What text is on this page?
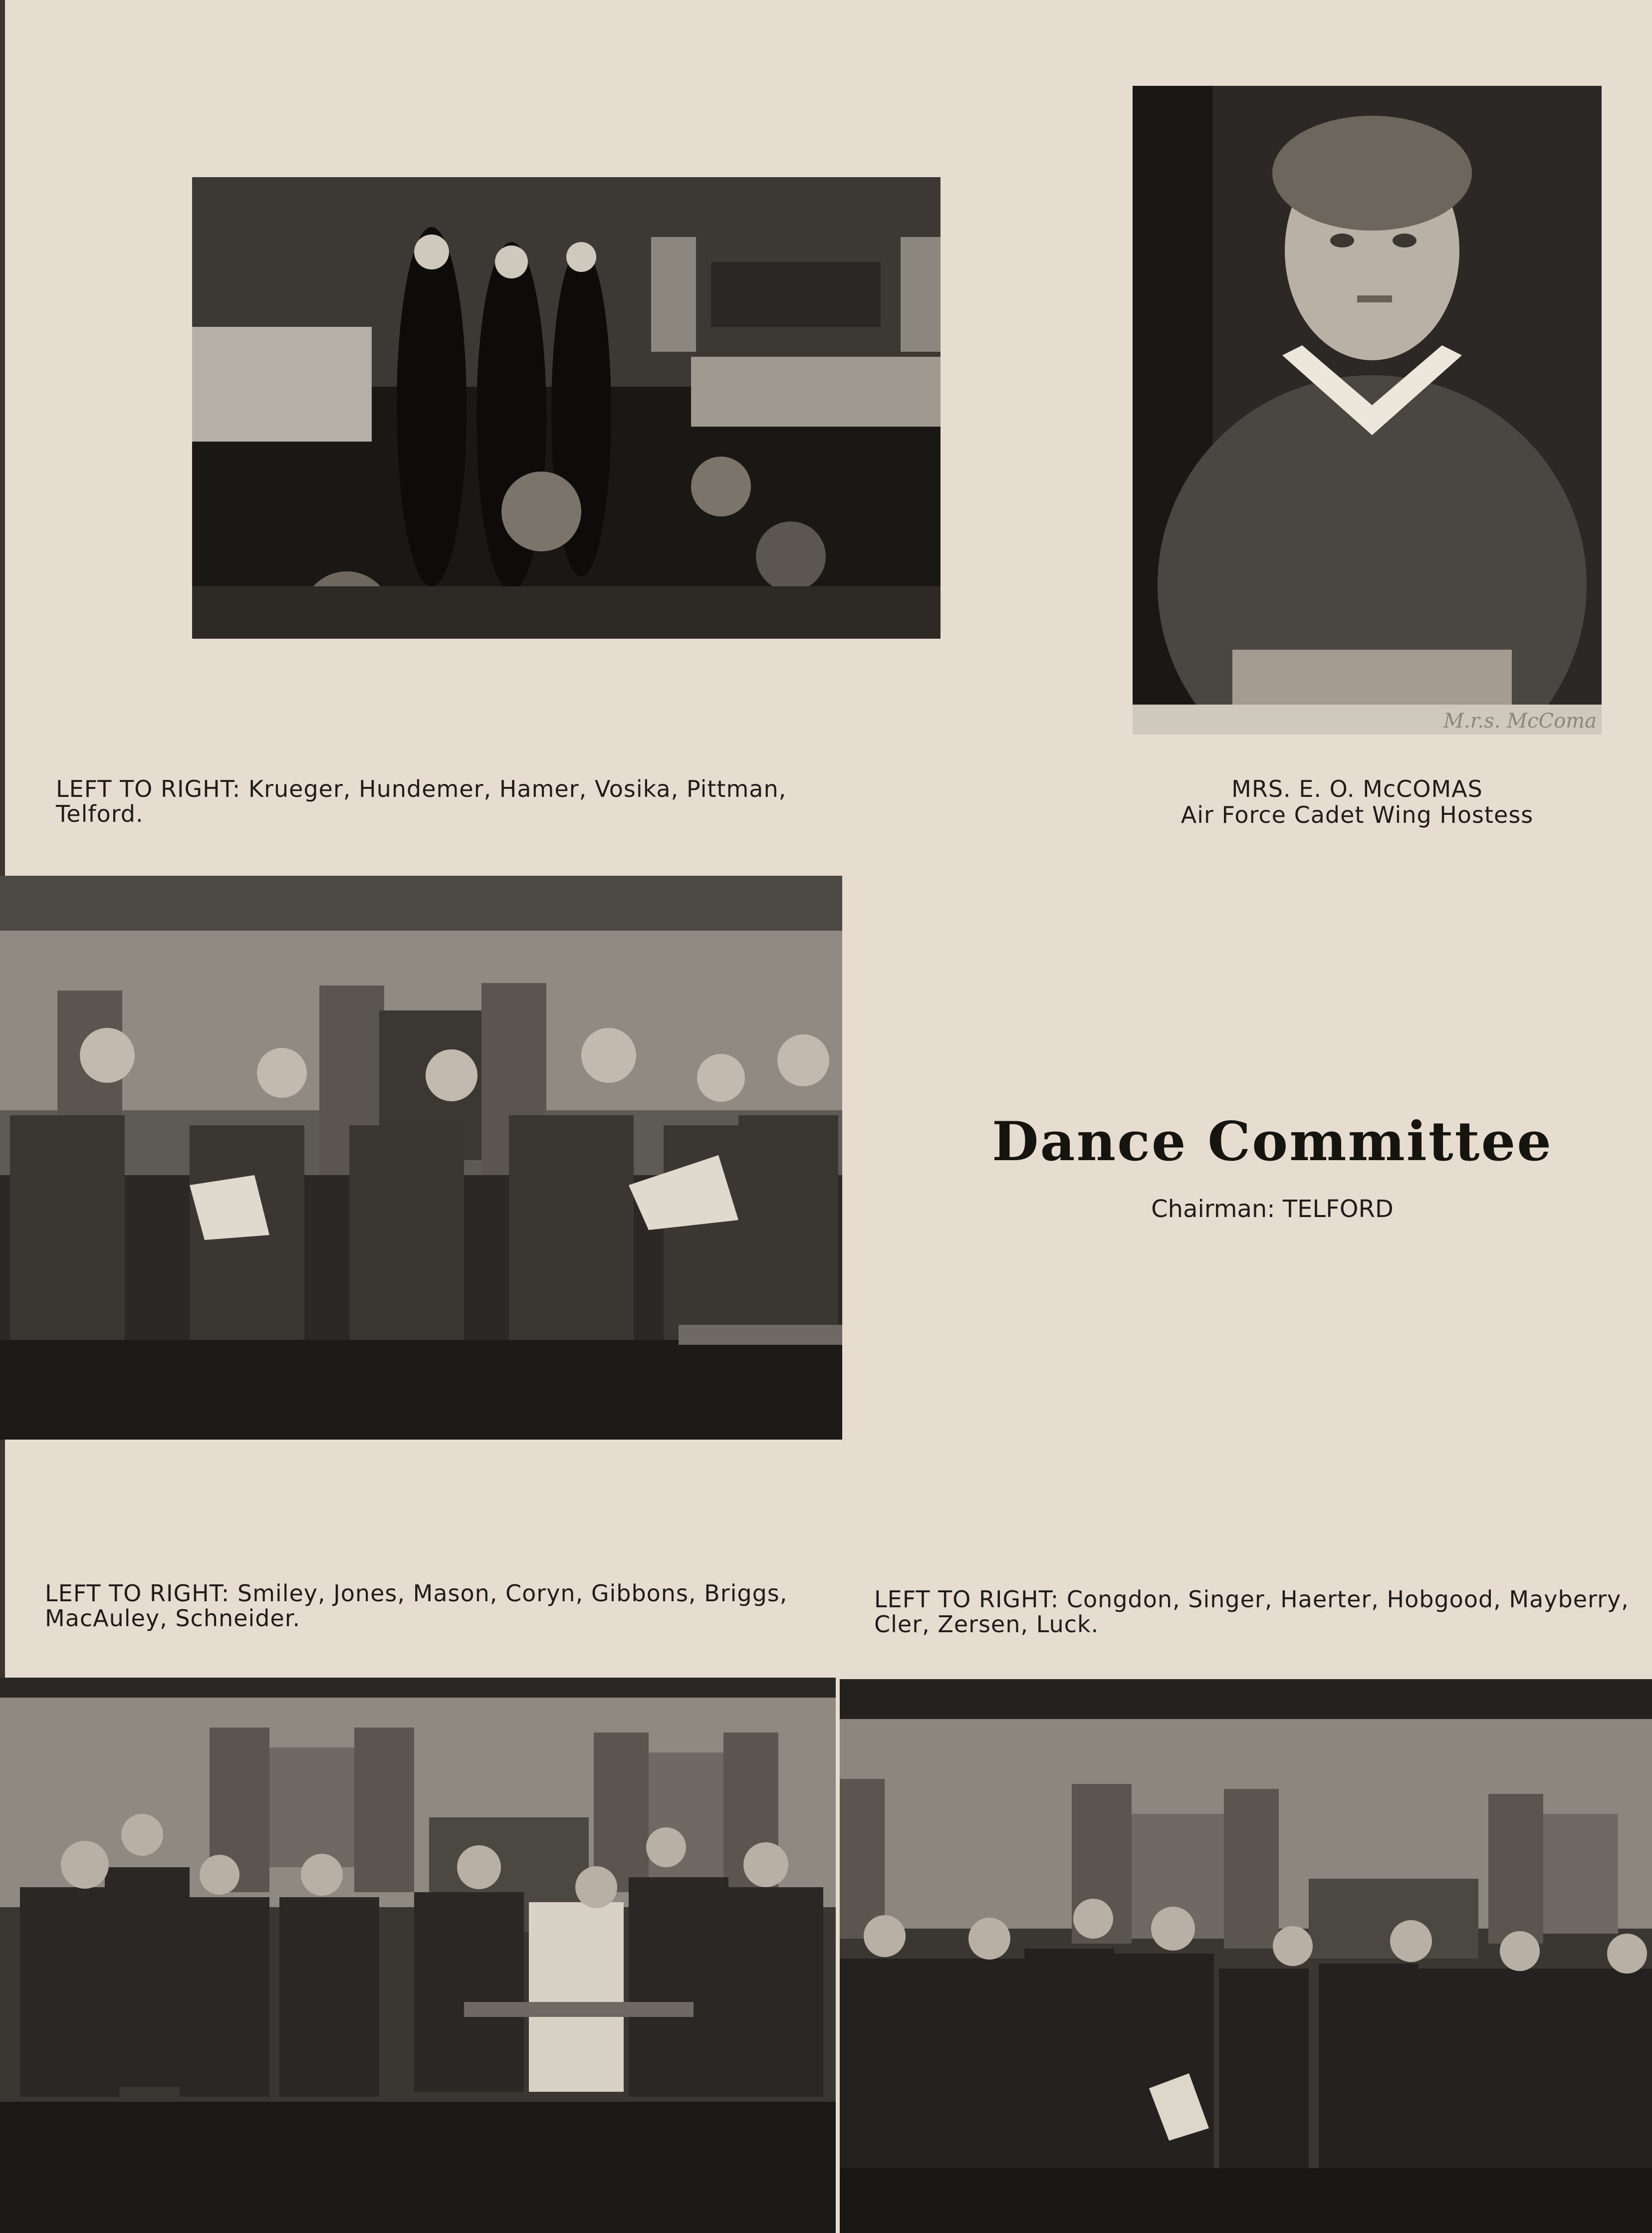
M.r.s. McComa
LEFT TO RIGHT: Krueger, Hundemer, Hamer, Vosika, Pittman, Telford.
MRS. E. O. McCOMAS
Air Force Cadet Wing Hostess
Dance Committee
Chairman: TELFORD
LEFT TO RIGHT: Smiley, Jones, Mason, Coryn, Gibbons, Briggs, MacAuley, Schneider.
LEFT TO RIGHT: Congdon, Singer, Haerter, Hobgood, Mayberry, Cler, Zersen, Luck.
